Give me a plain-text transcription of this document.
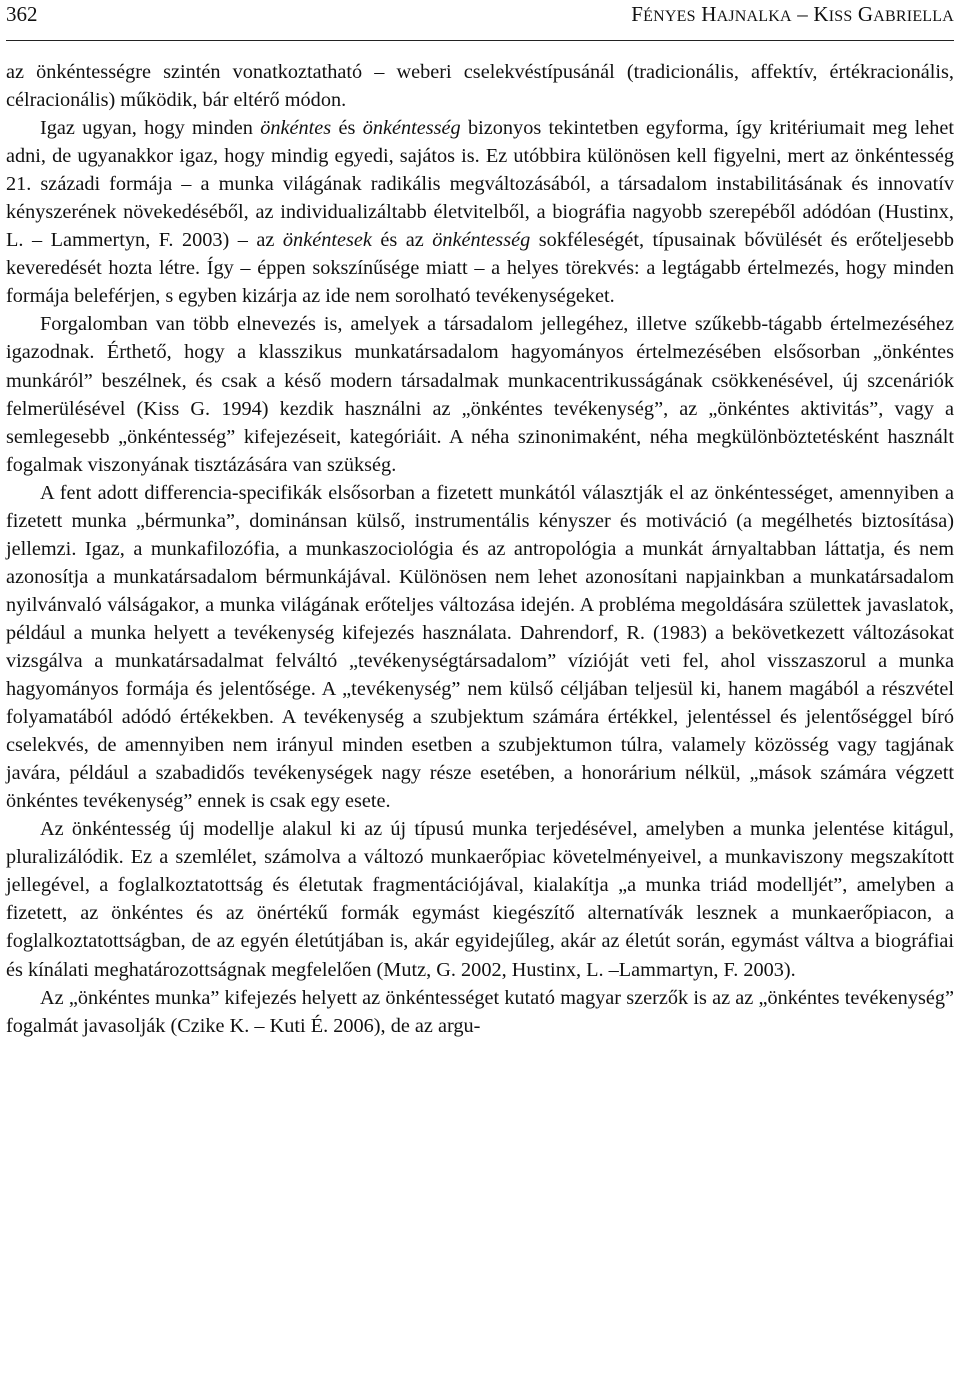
362	FÉNYES HAJNALKA – KISS GABRIELLA

az önkéntességre szintén vonatkoztatható – weberi cselekvéstípusánál (tradicionális, affektív, értékracionális, célracionális) működik, bár eltérő módon.

Igaz ugyan, hogy minden önkéntes és önkéntesség bizonyos tekintetben egyforma, így kritériumait meg lehet adni, de ugyanakkor igaz, hogy mindig egyedi, sajátos is. Ez utóbbira különösen kell figyelni, mert az önkéntesség 21. századi formája – a munka világának radikális megváltozásából, a társadalom instabilitásának és innovatív kényszerének növekedéséből, az individualizáltabb életvitelből, a biográfia nagyobb szerepéből adódóan (Hustinx, L. – Lammertyn, F. 2003) – az önkéntesek és az önkéntesség sokféleségét, típusainak bővülését és erőteljesebb keveredését hozta létre. Így – éppen sokszínűsége miatt – a helyes törekvés: a legtágabb értelmezés, hogy minden formája beleférjen, s egyben kizárja az ide nem sorolható tevékenységeket.

Forgalomban van több elnevezés is, amelyek a társadalom jellegéhez, illetve szűkebb-tágabb értelmezéséhez igazodnak. Érthető, hogy a klasszikus munkatársadalom hagyományos értelmezésében elsősorban „önkéntes munkáról” beszélnek, és csak a késő modern társadalmak munkacentrikusságának csökkenésével, új szcenáriók felmerülésével (Kiss G. 1994) kezdik használni az „önkéntes tevékenység”, az „önkéntes aktivitás”, vagy a semlegesebb „önkéntesség” kifejezéseit, kategóriáit. A néha szinonimaként, néha megkülönböztetésként használt fogalmak viszonyának tisztázására van szükség.

A fent adott differencia-specifikák elsősorban a fizetett munkától választják el az önkéntességet, amennyiben a fizetett munka „bérmunka”, dominánsan külső, instrumentális kényszer és motiváció (a megélhetés biztosítása) jellemzi. Igaz, a munkafilozófia, a munkaszociológia és az antropológia a munkát árnyaltabban láttatja, és nem azonosítja a munkatársadalom bérmunkájával. Különösen nem lehet azonosítani napjainkban a munkatársadalom nyilvánvaló válságakor, a munka világának erőteljes változása idején. A probléma megoldására születtek javaslatok, például a munka helyett a tevékenység kifejezés használata. Dahrendorf, R. (1983) a bekövetkezett változásokat vizsgálva a munkatársadalmat felváltó „tevékenységtársadalom” vízióját veti fel, ahol visszaszorul a munka hagyományos formája és jelentősége. A „tevékenység” nem külső céljában teljesül ki, hanem magából a részvétel folyamatából adódó értékekben. A tevékenység a szubjektum számára értékkel, jelentéssel és jelentőséggel bíró cselekvés, de amennyiben nem irányul minden esetben a szubjektumon túlra, valamely közösség vagy tagjának javára, például a szabadidős tevékenységek nagy része esetében, a honorárium nélkül, „mások számára végzett önkéntes tevékenység” ennek is csak egy esete.

Az önkéntesség új modellje alakul ki az új típusú munka terjedésével, amelyben a munka jelentése kitágul, pluralizálódik. Ez a szemlélet, számolva a változó munkaerőpiac követelményeivel, a munkaviszony megszakított jellegével, a foglalkoztatottság és életutak fragmentációjával, kialakítja „a munka triád modelljét”, amelyben a fizetett, az önkéntes és az önértékű formák egymást kiegészítő alternatívák lesznek a munkaerőpiacon, a foglalkoztatottságban, de az egyén életútjában is, akár egyidejűleg, akár az életút során, egymást váltva a biográfiai és kínálati meghatározottságnak megfelelően (Mutz, G. 2002, Hustinx, L. –Lammartyn, F. 2003).

Az „önkéntes munka” kifejezés helyett az önkéntességet kutató magyar szerzők is az az „önkéntes tevékenység” fogalmát javasolják (Czike K. – Kuti É. 2006), de az argu-
